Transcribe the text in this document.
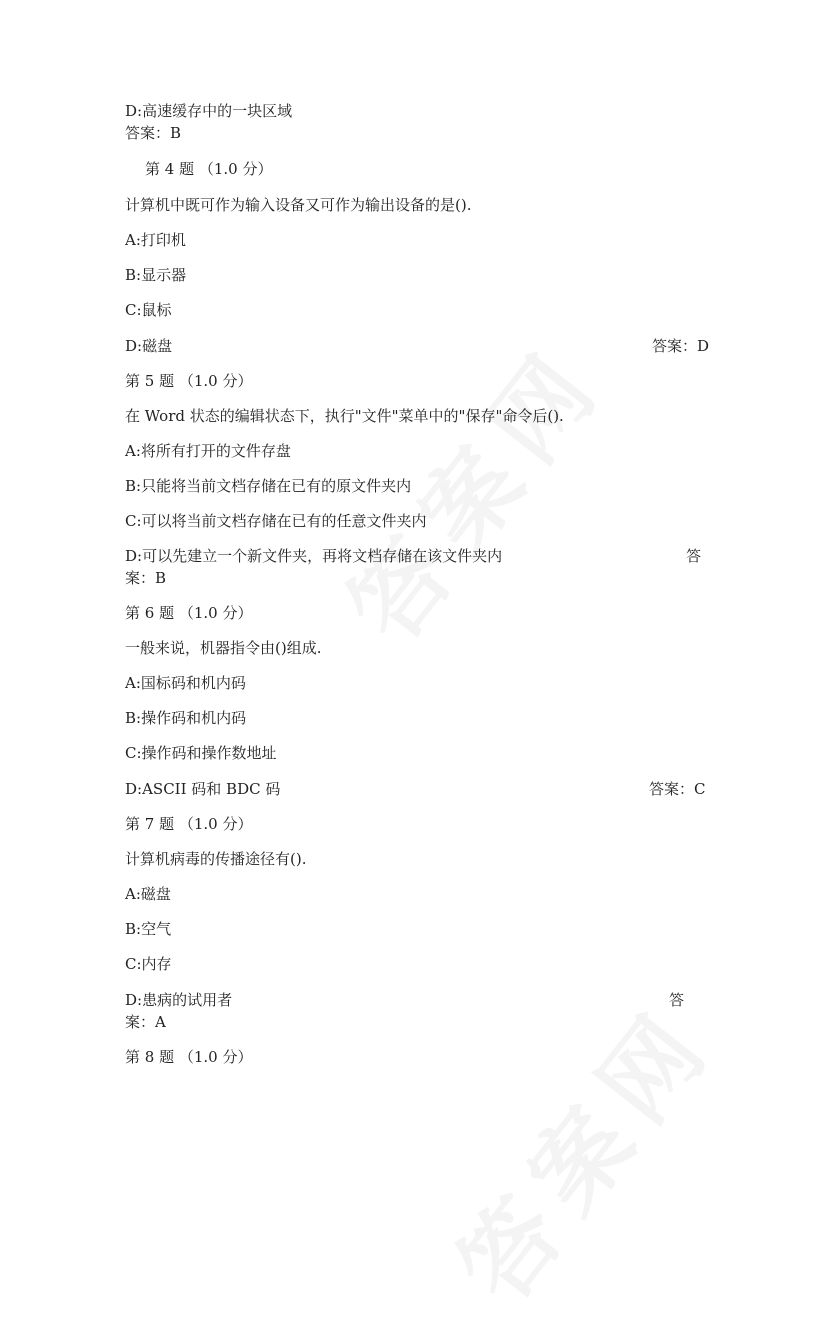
D:高速缓存中的一块区域
答案：B
第 4 题 （1.0 分）
计算机中既可作为输入设备又可作为输出设备的是().
A:打印机
B:显示器
C:鼠标
D:磁盘	答案：D
第 5 题 （1.0 分）
在 Word 状态的编辑状态下，执行"文件"菜单中的"保存"命令后().
A:将所有打开的文件存盘
B:只能将当前文档存储在已有的原文件夹内
C:可以将当前文档存储在已有的任意文件夹内
D:可以先建立一个新文件夹，再将文档存储在该文件夹内	答
案：B
第 6 题 （1.0 分）
一般来说，机器指令由()组成.
A:国标码和机内码
B:操作码和机内码
C:操作码和操作数地址
D:ASCII 码和 BDC 码	答案：C
第 7 题 （1.0 分）
计算机病毒的传播途径有().
A:磁盘
B:空气
C:内存
D:患病的试用者	答
案：A
第 8 题 （1.0 分）
